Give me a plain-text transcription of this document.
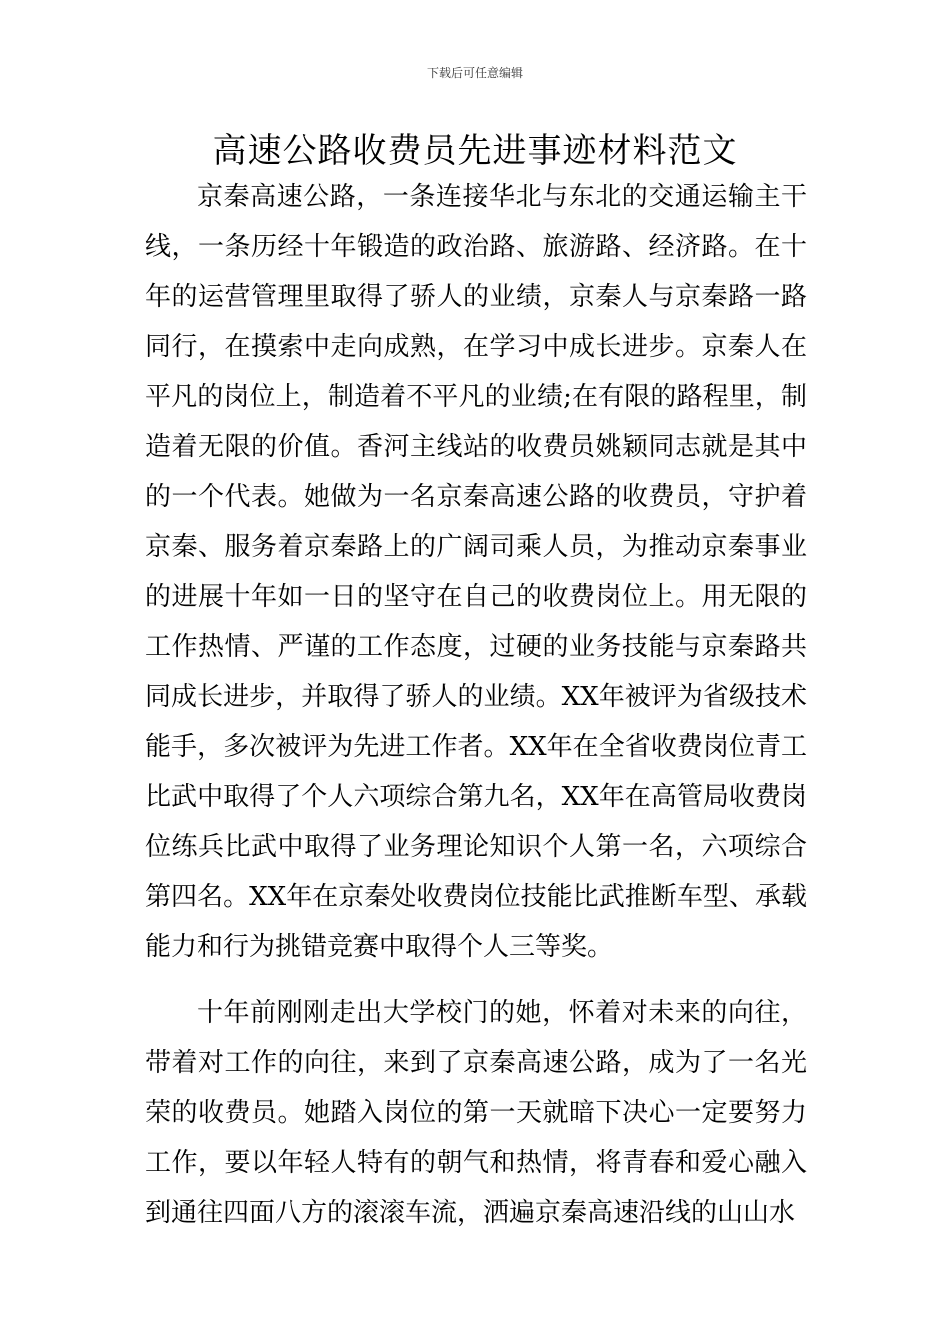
下载后可任意编辑
高速公路收费员先进事迹材料范文

京秦高速公路，一条连接华北与东北的交通运输主干线，一条历经十年锻造的政治路、旅游路、经济路。在十年的运营管理里取得了骄人的业绩，京秦人与京秦路一路同行，在摸索中走向成熟，在学习中成长进步。京秦人在平凡的岗位上，制造着不平凡的业绩;在有限的路程里，制造着无限的价值。香河主线站的收费员姚颖同志就是其中的一个代表。她做为一名京秦高速公路的收费员，守护着京秦、服务着京秦路上的广阔司乘人员，为推动京秦事业的进展十年如一日的坚守在自己的收费岗位上。用无限的工作热情、严谨的工作态度，过硬的业务技能与京秦路共同成长进步，并取得了骄人的业绩。XX年被评为省级技术能手，多次被评为先进工作者。XX年在全省收费岗位青工比武中取得了个人六项综合第九名，XX年在高管局收费岗位练兵比武中取得了业务理论知识个人第一名，六项综合第四名。XX年在京秦处收费岗位技能比武推断车型、承载能力和行为挑错竞赛中取得个人三等奖。

十年前刚刚走出大学校门的她，怀着对未来的向往，带着对工作的向往，来到了京秦高速公路，成为了一名光荣的收费员。她踏入岗位的第一天就暗下决心一定要努力工作，要以年轻人特有的朝气和热情，将青春和爱心融入到通往四面八方的滚滚车流，洒遍京秦高速沿线的山山水
